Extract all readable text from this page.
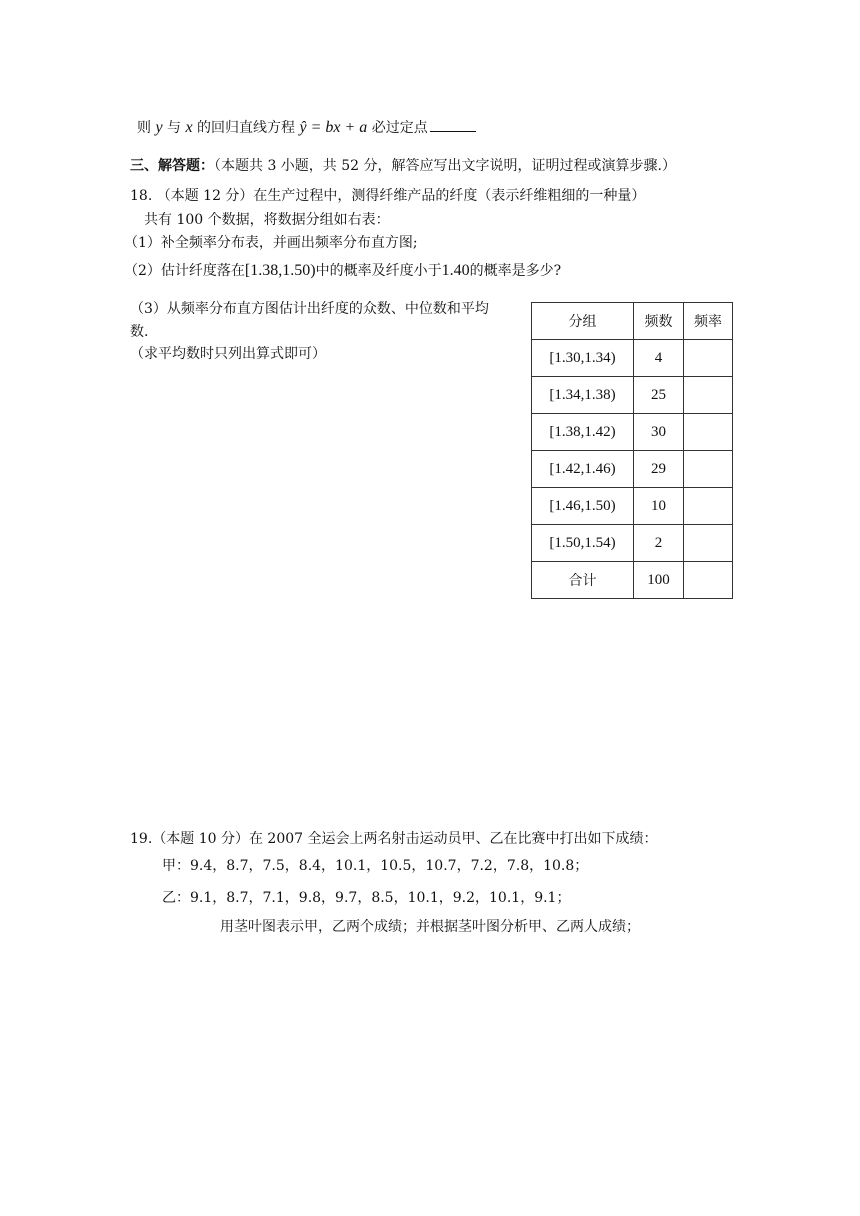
则 y 与 x 的回归直线方程 ŷ = bx + a 必过定点
三、解答题：（本题共 3 小题，共 52 分，解答应写出文字说明，证明过程或演算步骤.）
18. （本题 12 分）在生产过程中，测得纤维产品的纤度（表示纤维粗细的一种量）
共有 100 个数据，将数据分组如右表：
（1）补全频率分布表，并画出频率分布直方图;
（2）估计纤度落在[1.38,1.50)中的概率及纤度小于1.40的概率是多少?
（3）从频率分布直方图估计出纤度的众数、中位数和平均
数.
（求平均数时只列出算式即可）
分组	频数	频率
[1.30,1.34)	4	
[1.34,1.38)	25	
[1.38,1.42)	30	
[1.42,1.46)	29	
[1.46,1.50)	10	
[1.50,1.54)	2	
合计	100	
19.（本题 10 分）在 2007 全运会上两名射击运动员甲、乙在比赛中打出如下成绩：
甲：9.4，8.7，7.5，8.4，10.1，10.5，10.7，7.2，7.8，10.8；
乙：9.1，8.7，7.1，9.8，9.7，8.5，10.1，9.2，10.1，9.1；
用茎叶图表示甲，乙两个成绩；并根据茎叶图分析甲、乙两人成绩；
